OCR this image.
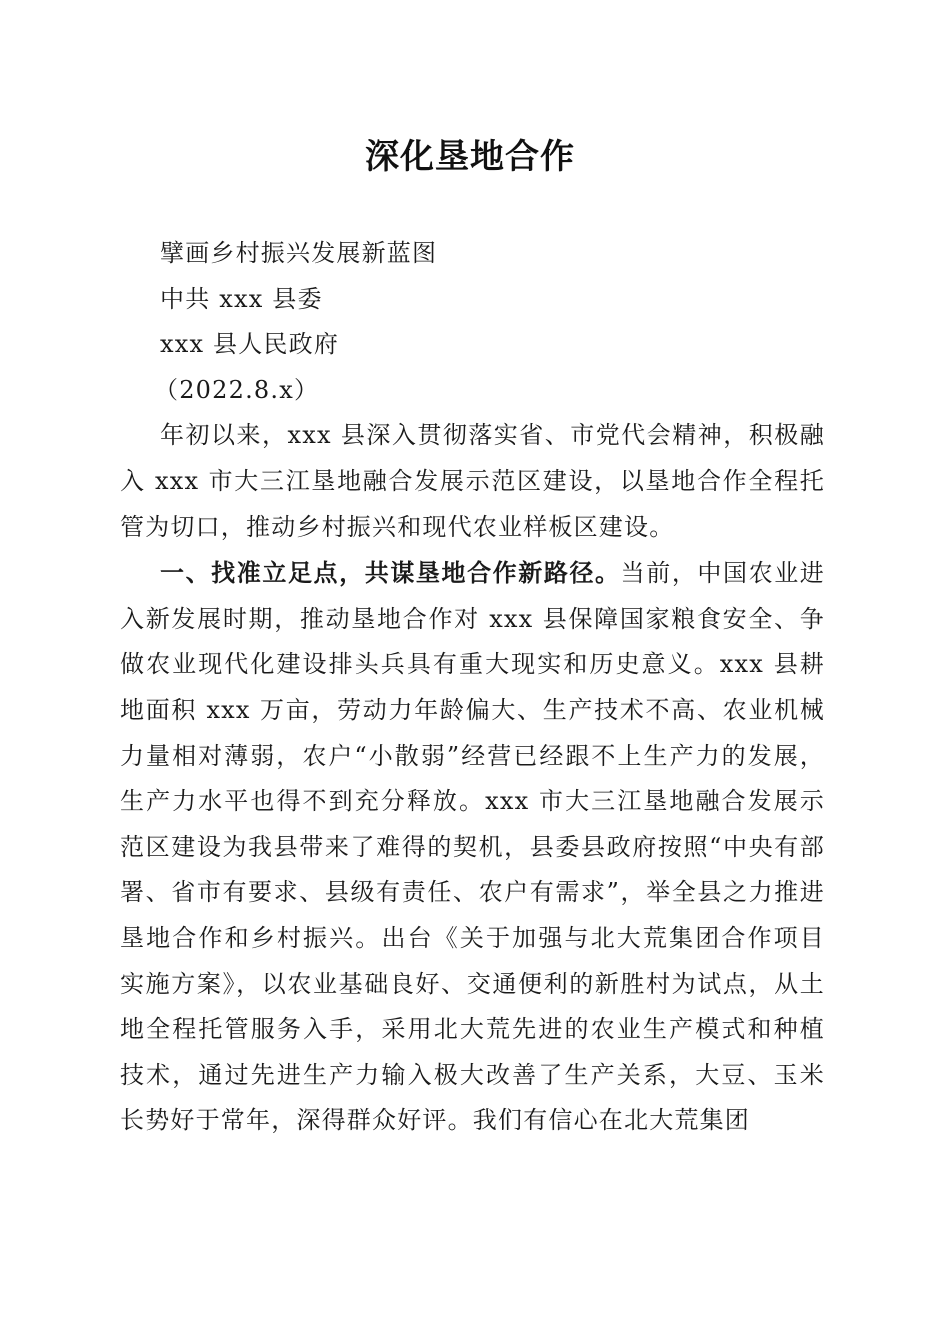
深化垦地合作

擘画乡村振兴发展新蓝图

中共 xxx 县委

xxx 县人民政府

（2022.8.x）

年初以来，xxx 县深入贯彻落实省、市党代会精神，积极融入 xxx 市大三江垦地融合发展示范区建设，以垦地合作全程托管为切口，推动乡村振兴和现代农业样板区建设。

一、找准立足点，共谋垦地合作新路径。当前，中国农业进入新发展时期，推动垦地合作对 xxx 县保障国家粮食安全、争做农业现代化建设排头兵具有重大现实和历史意义。xxx 县耕地面积 xxx 万亩，劳动力年龄偏大、生产技术不高、农业机械力量相对薄弱，农户“小散弱”经营已经跟不上生产力的发展，生产力水平也得不到充分释放。xxx 市大三江垦地融合发展示范区建设为我县带来了难得的契机，县委县政府按照“中央有部署、省市有要求、县级有责任、农户有需求”，举全县之力推进垦地合作和乡村振兴。出台《关于加强与北大荒集团合作项目实施方案》，以农业基础良好、交通便利的新胜村为试点，从土地全程托管服务入手，采用北大荒先进的农业生产模式和种植技术，通过先进生产力输入极大改善了生产关系，大豆、玉米长势好于常年，深得群众好评。我们有信心在北大荒集团
